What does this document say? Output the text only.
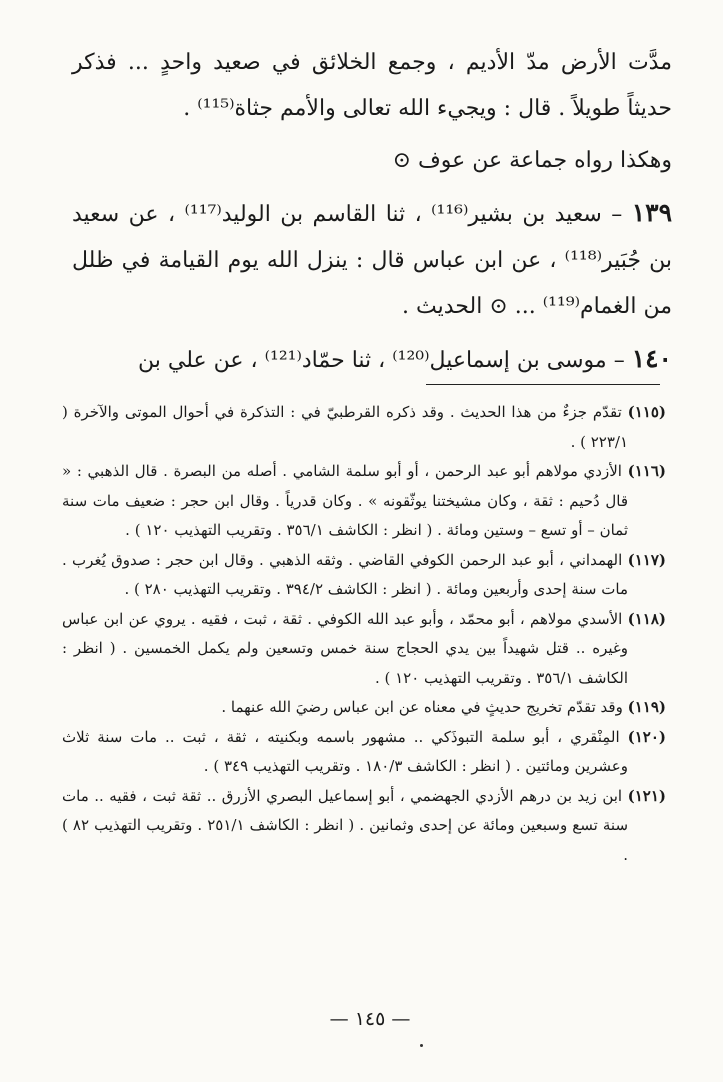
مدَّت الأرض مدّ الأديم ، وجمع الخلائق في صعيد واحدٍ ... فذكر حديثاً طويلاً . قال : ويجيء الله تعالى والأمم جثاة⁽¹¹⁵⁾ .

وهكذا رواه جماعة عن عوف ⊙

١٣٩ – سعيد بن بشير⁽¹¹⁶⁾ ، ثنا القاسم بن الوليد⁽¹¹⁷⁾ ، عن سعيد بن جُبَير⁽¹¹⁸⁾ ، عن ابن عباس قال : ينزل الله يوم القيامة في ظلل من الغمام⁽¹¹⁹⁾ ... ⊙ الحديث .

١٤٠ – موسى بن إسماعيل⁽¹²⁰⁾ ، ثنا حمّاد⁽¹²¹⁾ ، عن علي بن

(١١٥) تقدّم جزءٌ من هذا الحديث . وقد ذكره القرطبيّ في : التذكرة في أحوال الموتى والآخرة ( ٢٢٣/١ ) .

(١١٦) الأزدي مولاهم أبو عبد الرحمن ، أو أبو سلمة الشامي . أصله من البصرة . قال الذهبي : « قال دُحيم : ثقة ، وكان مشيختنا يوثّقونه » . وكان قدرياً . وقال ابن حجر : ضعيف مات سنة ثمان – أو تسع – وستين ومائة . ( انظر : الكاشف ٣٥٦/١ . وتقريب التهذيب ١٢٠ ) .

(١١٧) الهمداني ، أبو عبد الرحمن الكوفي القاضي . وثقه الذهبي . وقال ابن حجر : صدوق يُغرب . مات سنة إحدى وأربعين ومائة . ( انظر : الكاشف ٣٩٤/٢ . وتقريب التهذيب ٢٨٠ ) .

(١١٨) الأسدي مولاهم ، أبو محمّد ، وأبو عبد الله الكوفي . ثقة ، ثبت ، فقيه . يروي عن ابن عباس وغيره .. قتل شهيداً بين يدي الحجاج سنة خمس وتسعين ولم يكمل الخمسين . ( انظر : الكاشف ٣٥٦/١ . وتقريب التهذيب ١٢٠ ) .

(١١٩) وقد تقدّم تخريج حديثٍ في معناه عن ابن عباس رضيَ الله عنهما .

(١٢٠) المِنْقري ، أبو سلمة التبوذَكي .. مشهور باسمه وبكنيته ، ثقة ، ثبت .. مات سنة ثلاث وعشرين ومائتين . ( انظر : الكاشف ١٨٠/٣ . وتقريب التهذيب ٣٤٩ ) .

(١٢١) ابن زيد بن درهم الأزدي الجهضمي ، أبو إسماعيل البصري الأزرق .. ثقة ثبت ، فقيه .. مات سنة تسع وسبعين ومائة عن إحدى وثمانين . ( انظر : الكاشف ٢٥١/١ . وتقريب التهذيب ٨٢ ) .

— ١٤٥ —
